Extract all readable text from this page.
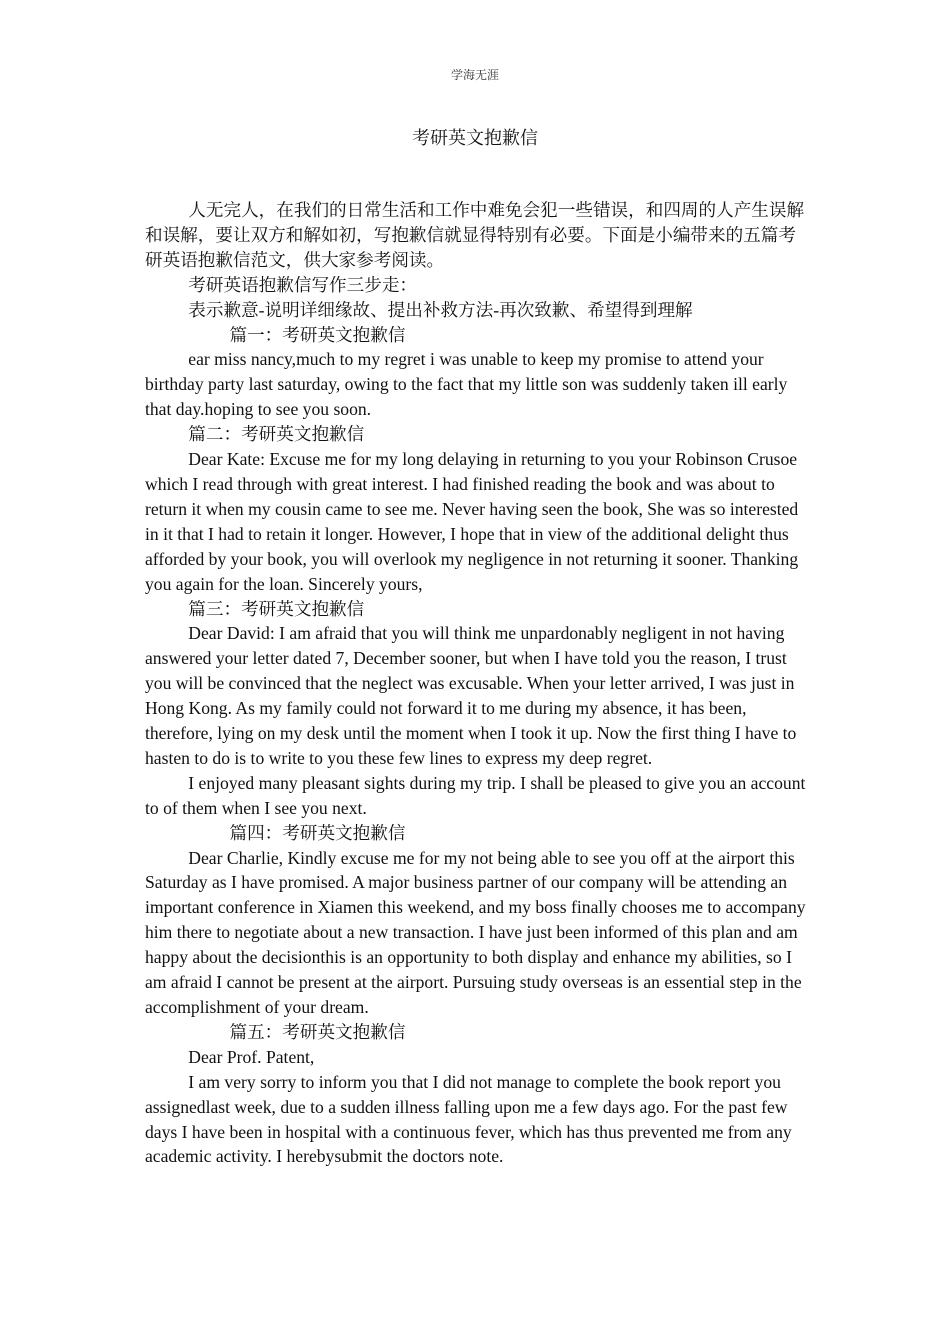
学海无涯
考研英文抱歉信

人无完人，在我们的日常生活和工作中难免会犯一些错误，和四周的人产生误解和误解，要让双方和解如初，写抱歉信就显得特别有必要。下面是小编带来的五篇考研英语抱歉信范文，供大家参考阅读。

考研英语抱歉信写作三步走：

表示歉意-说明详细缘故、提出补救方法-再次致歉、希望得到理解

篇一：考研英文抱歉信

ear miss nancy,much to my regret i was unable to keep my promise to attend your birthday party last saturday, owing to the fact that my little son was suddenly taken ill early that day.hoping to see you soon.

篇二：考研英文抱歉信

Dear Kate: Excuse me for my long delaying in returning to you your Robinson Crusoe which I read through with great interest. I had finished reading the book and was about to return it when my cousin came to see me. Never having seen the book, She was so interested in it that I had to retain it longer. However, I hope that in view of the additional delight thus afforded by your book, you will overlook my negligence in not returning it sooner. Thanking you again for the loan. Sincerely yours,

篇三：考研英文抱歉信

Dear David: I am afraid that you will think me unpardonably negligent in not having answered your letter dated 7, December sooner, but when I have told you the reason, I trust you will be convinced that the neglect was excusable. When your letter arrived, I was just in Hong Kong. As my family could not forward it to me during my absence, it has been, therefore, lying on my desk until the moment when I took it up. Now the first thing I have to hasten to do is to write to you these few lines to express my deep regret.

I enjoyed many pleasant sights during my trip. I shall be pleased to give you an account to of them when I see you next.

篇四：考研英文抱歉信

Dear Charlie, Kindly excuse me for my not being able to see you off at the airport this Saturday as I have promised. A major business partner of our company will be attending an important conference in Xiamen this weekend, and my boss finally chooses me to accompany him there to negotiate about a new transaction. I have just been informed of this plan and am happy about the decisionthis is an opportunity to both display and enhance my abilities, so I am afraid I cannot be present at the airport. Pursuing study overseas is an essential step in the accomplishment of your dream.

篇五：考研英文抱歉信

Dear Prof. Patent,

I am very sorry to inform you that I did not manage to complete the book report you assignedlast week, due to a sudden illness falling upon me a few days ago. For the past few days I have been in hospital with a continuous fever, which has thus prevented me from any academic activity. I herebysubmit the doctors note.
